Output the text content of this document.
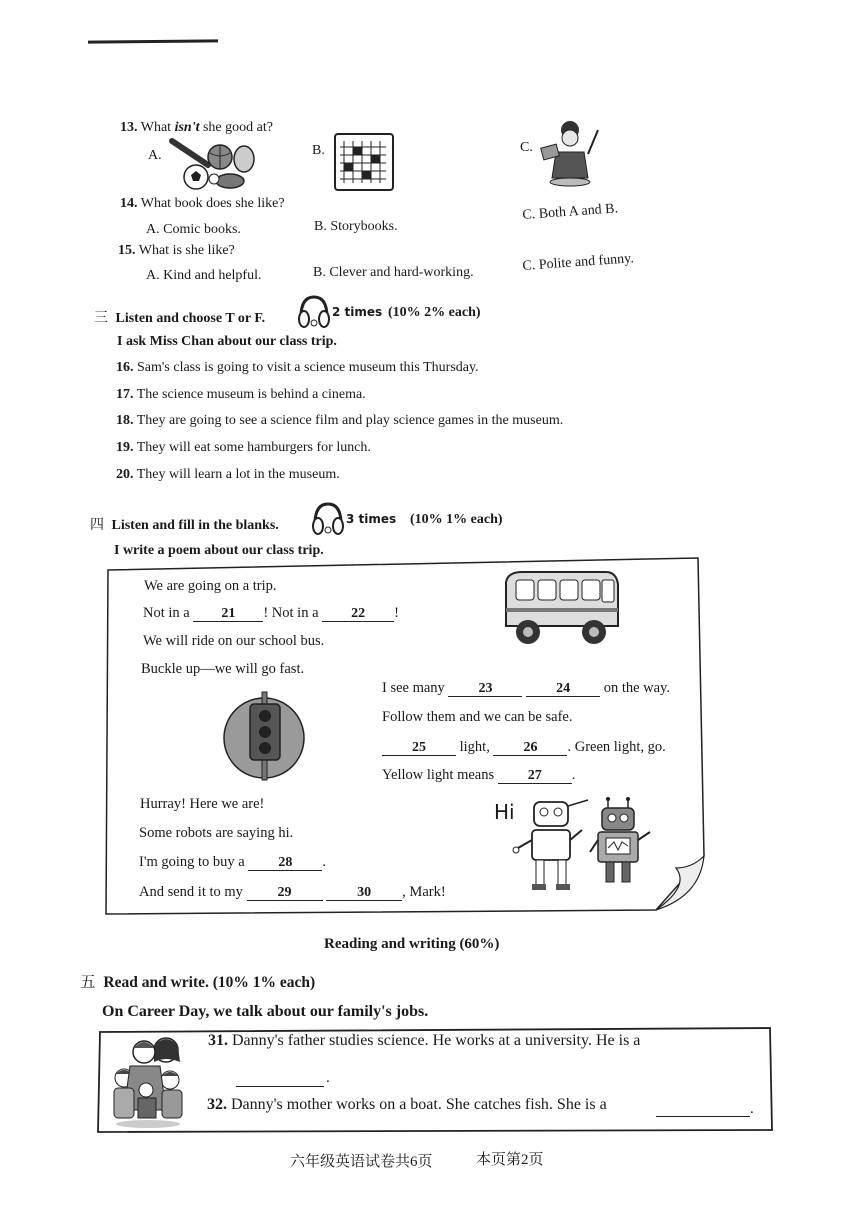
13. What isn't she good at?
A.	B.	C.
14. What book does she like?
A. Comic books.	B. Storybooks.
C. Both A and B.
15. What is she like?
A. Kind and helpful.	B. Clever and hard-working.	C. Polite and funny.
三 Listen and choose T or F.	2 times (10% 2% each)
I ask Miss Chan about our class trip.
16. Sam's class is going to visit a science museum this Thursday.
17. The science museum is behind a cinema.
18. They are going to see a science film and play science games in the museum.
19. They will eat some hamburgers for lunch.
20. They will learn a lot in the museum.
四 Listen and fill in the blanks.	3 times (10% 1% each)
I write a poem about our class trip.
We are going on a trip.
Not in a 21 ! Not in a 22 !
We will ride on our school bus.
Buckle up—we will go fast.
I see many 23	24 on the way.
Follow them and we can be safe.
25 light, 26 . Green light, go.
Yellow light means 27 .
Hurray! Here we are!
Some robots are saying hi.
I'm going to buy a 28 .
And send it to my 29	30 , Mark!
Hi
Reading and writing (60%)
五 Read and write. (10% 1% each)
On Career Day, we talk about our family's jobs.
31. Danny's father studies science. He works at a university. He is a
.
32. Danny's mother works on a boat. She catches fish. She is a	.
六年级英语试卷共6页	本页第2页
